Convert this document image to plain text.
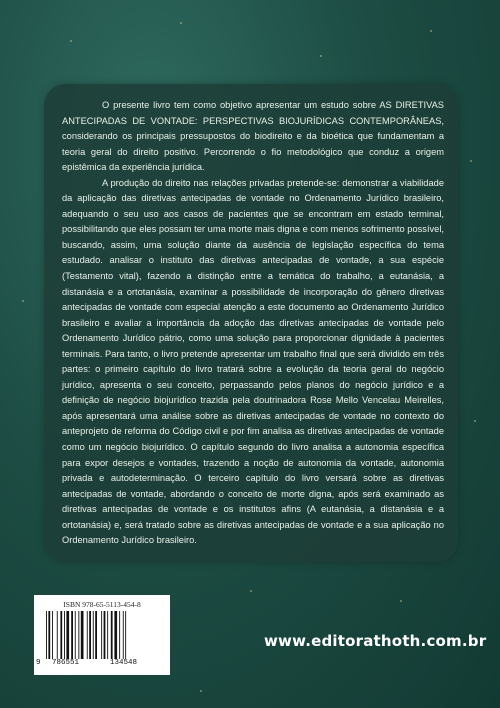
O presente livro tem como objetivo apresentar um estudo sobre AS DIRETIVAS ANTECIPADAS DE VONTADE: PERSPECTIVAS BIOJURÍDICAS CONTEMPORÂNEAS, considerando os principais pressupostos do biodireito e da bioética que fundamentam a teoria geral do direito positivo. Percorrendo o fio metodológico que conduz a origem epistêmica da experiência jurídica.

A produção do direito nas relações privadas pretende-se: demonstrar a viabilidade da aplicação das diretivas antecipadas de vontade no Ordenamento Jurídico brasileiro, adequando o seu uso aos casos de pacientes que se encontram em estado terminal, possibilitando que eles possam ter uma morte mais digna e com menos sofrimento possível, buscando, assim, uma solução diante da ausência de legislação específica do tema estudado. analisar o instituto das diretivas antecipadas de vontade, a sua espécie (Testamento vital), fazendo a distinção entre a temática do trabalho, a eutanásia, a distanásia e a ortotanásia, examinar a possibilidade de incorporação do gênero diretivas antecipadas de vontade com especial atenção a este documento ao Ordenamento Jurídico brasileiro e avaliar a importância da adoção das diretivas antecipadas de vontade pelo Ordenamento Jurídico pátrio, como uma solução para proporcionar dignidade à pacientes terminais. Para tanto, o livro pretende apresentar um trabalho final que será dividido em três partes: o primeiro capítulo do livro tratará sobre a evolução da teoria geral do negócio jurídico, apresenta o seu conceito, perpassando pelos planos do negócio jurídico e a definição de negócio biojurídico trazida pela doutrinadora Rose Mello Vencelau Meirelles, após apresentará uma análise sobre as diretivas antecipadas de vontade no contexto do anteprojeto de reforma do Código civil e por fim analisa as diretivas antecipadas de vontade como um negócio biojurídico. O capítulo segundo do livro analisa a autonomia específica para expor desejos e vontades, trazendo a noção de autonomia da vontade, autonomia privada e autodeterminação. O terceiro capítulo do livro versará sobre as diretivas antecipadas de vontade, abordando o conceito de morte digna, após será examinado as diretivas antecipadas de vontade e os institutos afins (A eutanásia, a distanásia e a ortotanásia) e, será tratado sobre as diretivas antecipadas de vontade e a sua aplicação no Ordenamento Jurídico brasileiro.

ISBN 978-65-5113-454-8
9 786551	134548
www.editorathoth.com.br
